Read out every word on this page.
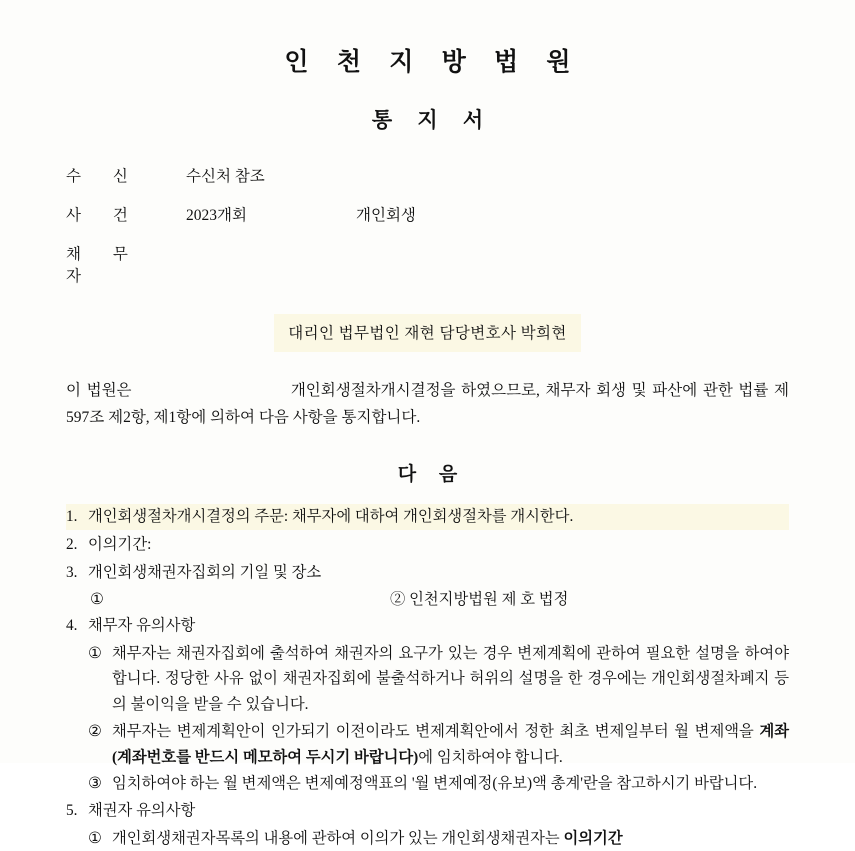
인 천 지 방 법 원
통 지 서
수 신	수신처 참조
사 건	2023개회	개인회생
채 무 자
대리인 법무법인 재현 담당변호사 박희현
이 법원은	개인회생절차개시결정을 하였으므로, 채무자 회생 및 파산에 관한 법률 제597조 제2항, 제1항에 의하여 다음 사항을 통지합니다.
다 음
1. 개인회생절차개시결정의 주문: 채무자에 대하여 개인회생절차를 개시한다.
2. 이의기간:
3. 개인회생채권자집회의 기일 및 장소
①	② 인천지방법원 제 호 법정
4. 채무자 유의사항
① 채무자는 채권자집회에 출석하여 채권자의 요구가 있는 경우 변제계획에 관하여 필요한 설명을 하여야 합니다. 정당한 사유 없이 채권자집회에 불출석하거나 허위의 설명을 한 경우에는 개인회생절차폐지 등의 불이익을 받을 수 있습니다.
② 채무자는 변제계획안이 인가되기 이전이라도 변제계획안에서 정한 최초 변제일부터 월 변제액을 계좌(계좌번호를 반드시 메모하여 두시기 바랍니다)에 임치하여야 합니다.
③ 임치하여야 하는 월 변제액은 변제예정액표의 '월 변제예정(유보)액 총계'란을 참고하시기 바랍니다.
5. 채권자 유의사항
① 개인회생채권자목록의 내용에 관하여 이의가 있는 개인회생채권자는 이의기간
